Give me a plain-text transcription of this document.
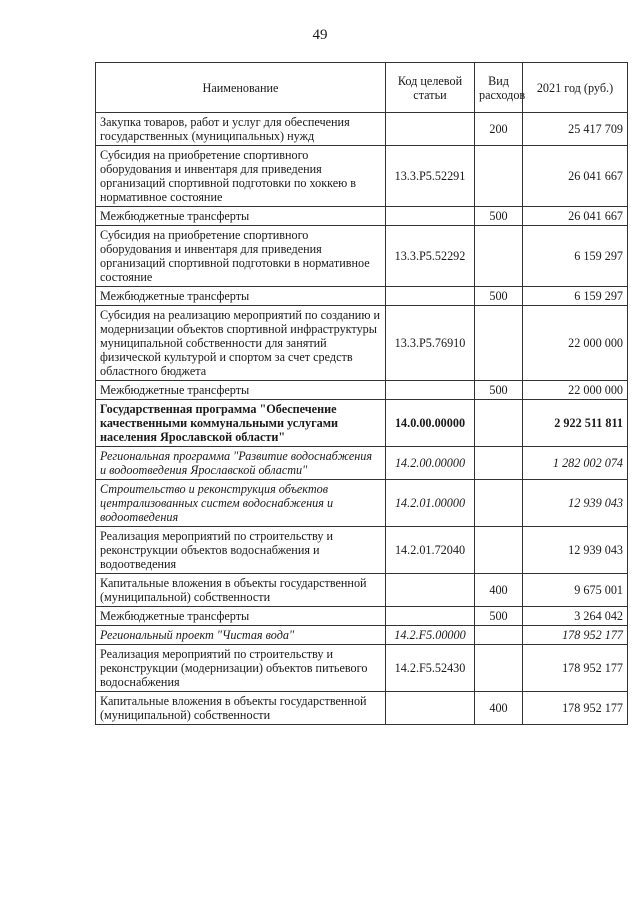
49
Наименование	Код целевой статьи	Вид расходов	2021 год (руб.)
Закупка товаров, работ и услуг для обеспечения государственных (муниципальных) нужд		200	25 417 709
Субсидия на приобретение спортивного оборудования и инвентаря для приведения организаций спортивной подготовки по хоккею в нормативное состояние	13.3.Р5.52291		26 041 667
Межбюджетные трансферты		500	26 041 667
Субсидия на приобретение спортивного оборудования и инвентаря для приведения организаций спортивной подготовки в нормативное состояние	13.3.Р5.52292		6 159 297
Межбюджетные трансферты		500	6 159 297
Субсидия на реализацию мероприятий по созданию и модернизации объектов спортивной инфраструктуры муниципальной собственности для занятий физической культурой и спортом за счет средств областного бюджета	13.3.Р5.76910		22 000 000
Межбюджетные трансферты		500	22 000 000
Государственная программа "Обеспечение качественными коммунальными услугами населения Ярославской области"	14.0.00.00000		2 922 511 811
Региональная программа "Развитие водоснабжения и водоотведения Ярославской области"	14.2.00.00000		1 282 002 074
Строительство и реконструкция объектов централизованных систем водоснабжения и водоотведения	14.2.01.00000		12 939 043
Реализация мероприятий по строительству и реконструкции объектов водоснабжения и водоотведения	14.2.01.72040		12 939 043
Капитальные вложения в объекты государственной (муниципальной) собственности		400	9 675 001
Межбюджетные трансферты		500	3 264 042
Региональный проект "Чистая вода"	14.2.F5.00000		178 952 177
Реализация мероприятий по строительству и реконструкции (модернизации) объектов питьевого водоснабжения	14.2.F5.52430		178 952 177
Капитальные вложения в объекты государственной (муниципальной) собственности		400	178 952 177
